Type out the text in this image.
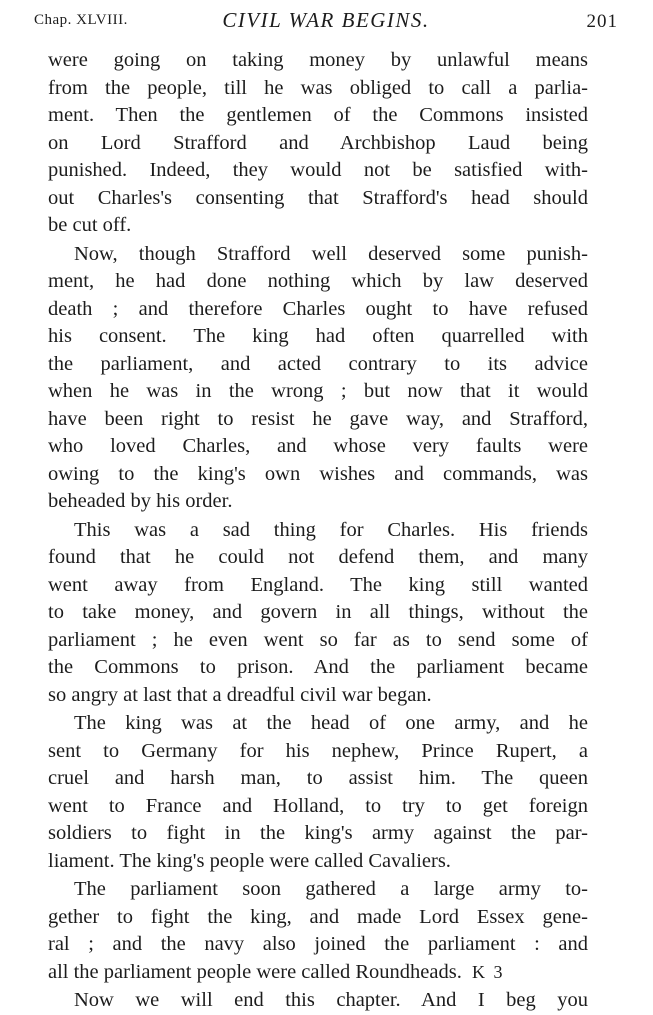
Chap. XLVIII.	CIVIL WAR BEGINS.	201
were going on taking money by unlawful means
from the people, till he was obliged to call a parlia-
ment. Then the gentlemen of the Commons insisted
on Lord Strafford and Archbishop Laud being
punished. Indeed, they would not be satisfied with-
out Charles's consenting that Strafford's head should
be cut off.
Now, though Strafford well deserved some punish-
ment, he had done nothing which by law deserved
death ; and therefore Charles ought to have refused
his consent. The king had often quarrelled with
the parliament, and acted contrary to its advice
when he was in the wrong ; but now that it would
have been right to resist he gave way, and Strafford,
who loved Charles, and whose very faults were
owing to the king's own wishes and commands, was
beheaded by his order.
This was a sad thing for Charles. His friends
found that he could not defend them, and many
went away from England. The king still wanted
to take money, and govern in all things, without the
parliament ; he even went so far as to send some of
the Commons to prison. And the parliament became
so angry at last that a dreadful civil war began.
The king was at the head of one army, and he
sent to Germany for his nephew, Prince Rupert, a
cruel and harsh man, to assist him. The queen
went to France and Holland, to try to get foreign
soldiers to fight in the king's army against the par-
liament. The king's people were called Cavaliers.
The parliament soon gathered a large army to-
gether to fight the king, and made Lord Essex gene-
ral ; and the navy also joined the parliament : and
all the parliament people were called Roundheads.
Now we will end this chapter. And I beg you
K 3
